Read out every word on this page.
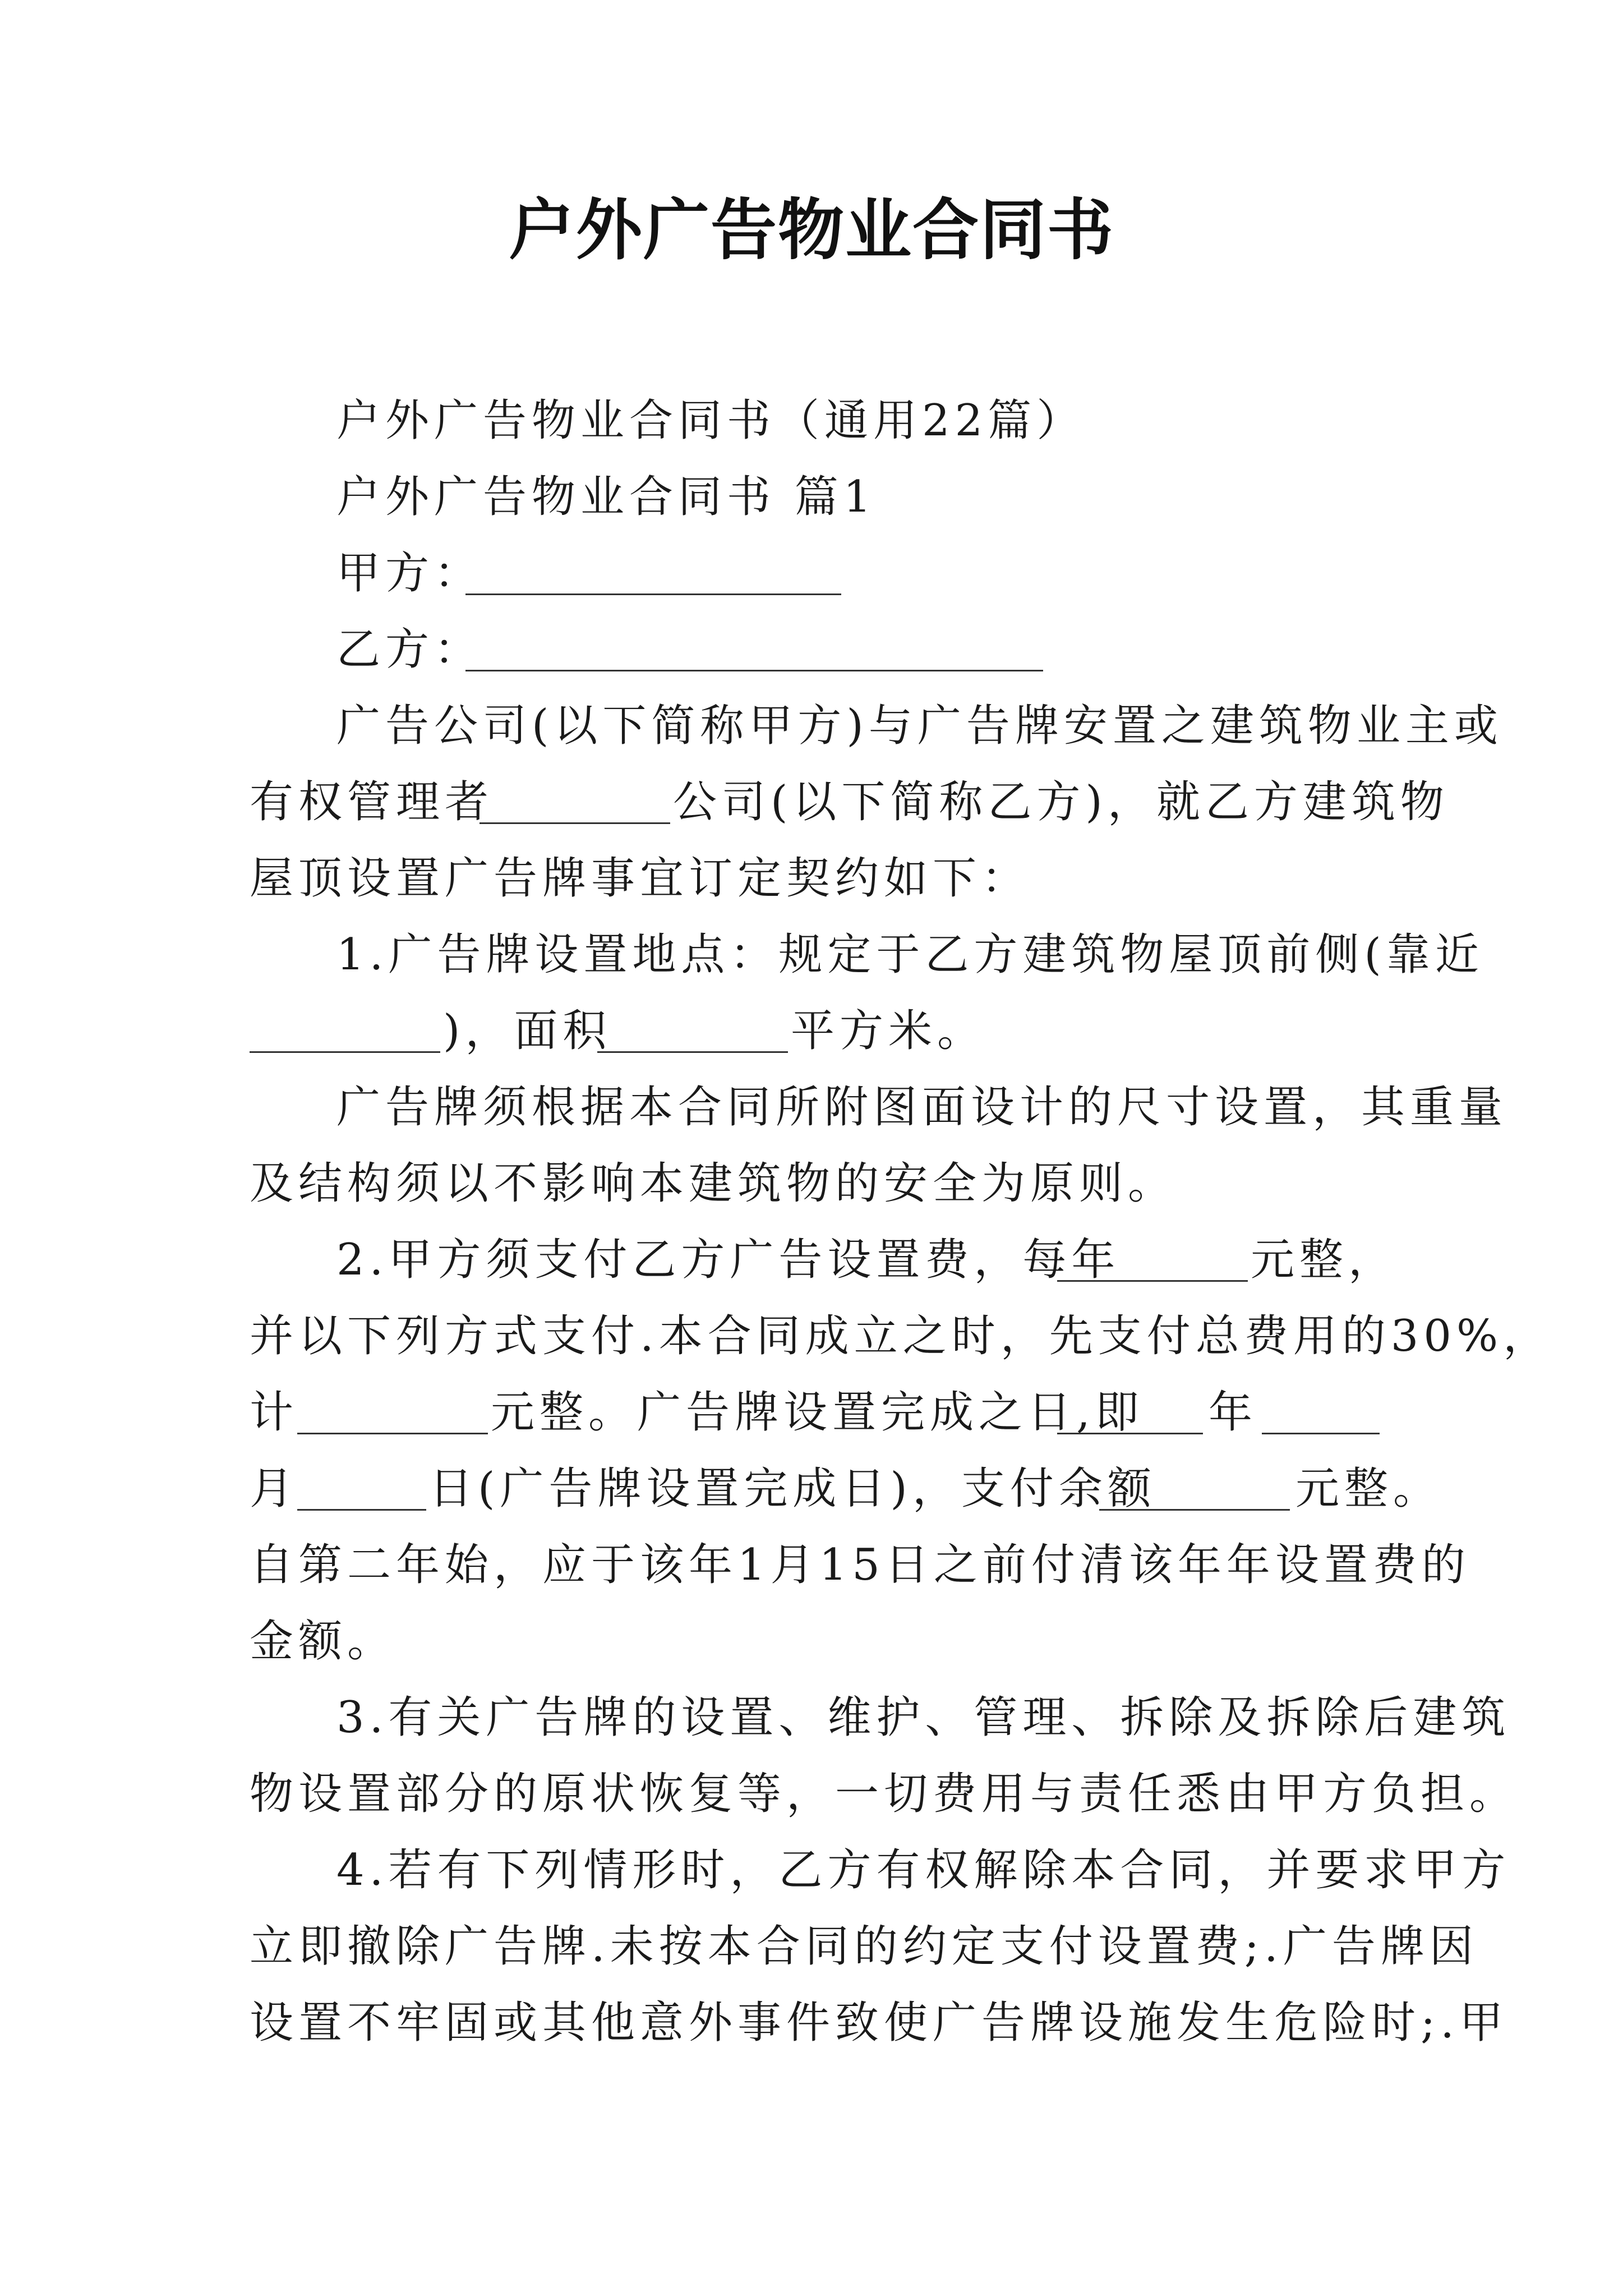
户外广告物业合同书
户外广告物业合同书（通用22篇）
户外广告物业合同书 篇1
甲方：
乙方：
广告公司(以下简称甲方)与广告牌安置之建筑物业主或
有权管理者	公司(以下简称乙方)，就乙方建筑物
屋顶设置广告牌事宜订定契约如下：
1.广告牌设置地点：规定于乙方建筑物屋顶前侧(靠近
)，面积	平方米。
广告牌须根据本合同所附图面设计的尺寸设置，其重量
及结构须以不影响本建筑物的安全为原则。
2.甲方须支付乙方广告设置费，每年	元整，
并以下列方式支付.本合同成立之时，先支付总费用的30%，
计	元整。广告牌设置完成之日,即 年
月	日(广告牌设置完成日)，支付余额	元整。
自第二年始，应于该年1月15日之前付清该年年设置费的
金额。
3.有关广告牌的设置、维护、管理、拆除及拆除后建筑
物设置部分的原状恢复等，一切费用与责任悉由甲方负担。
4.若有下列情形时，乙方有权解除本合同，并要求甲方
立即撤除广告牌.未按本合同的约定支付设置费;.广告牌因
设置不牢固或其他意外事件致使广告牌设施发生危险时;.甲
